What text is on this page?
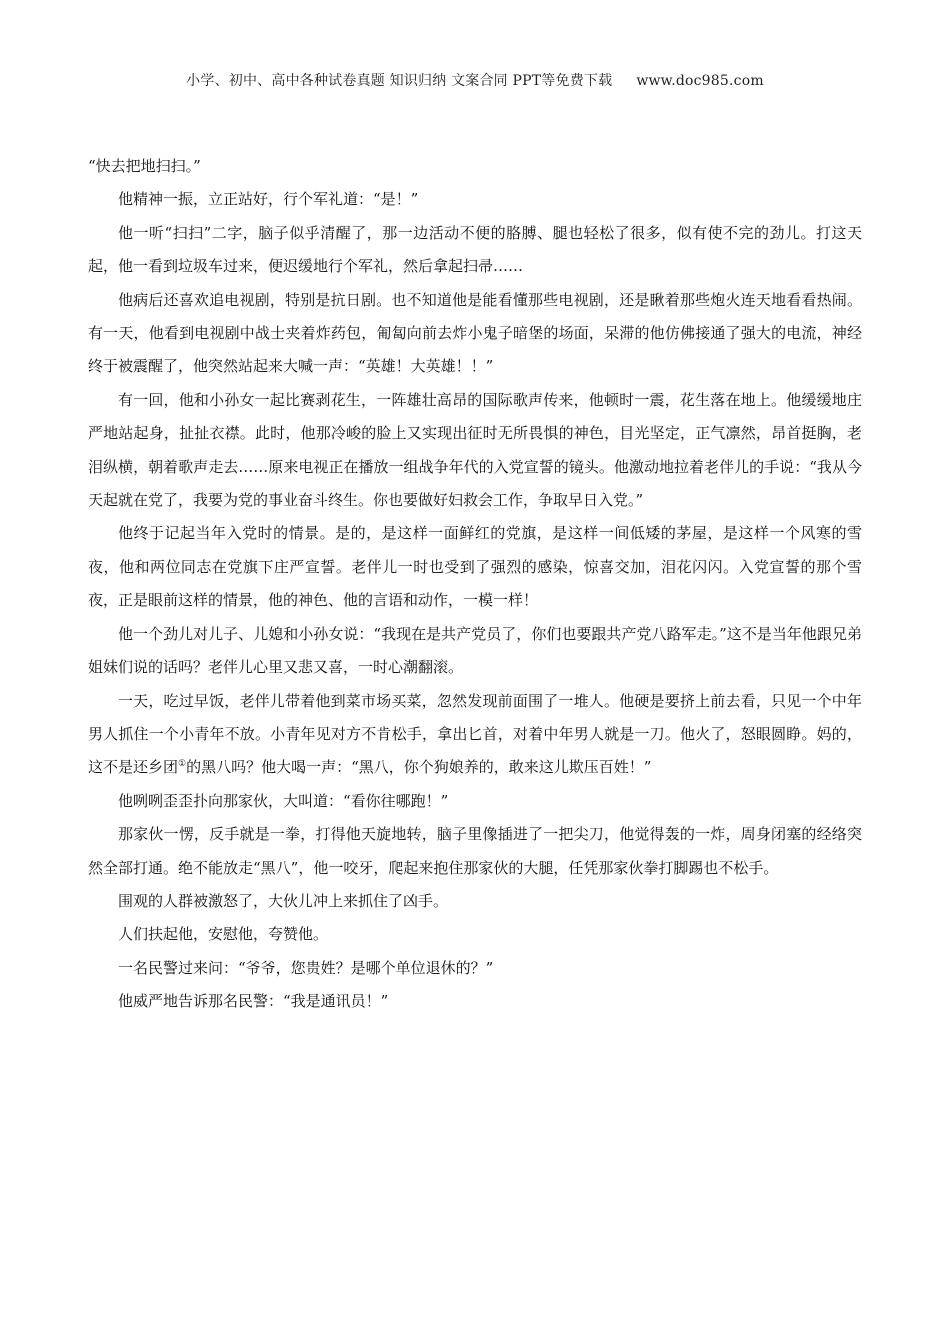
小学、初中、高中各种试卷真题 知识归纳 文案合同 PPT等免费下载 www.doc985.com

“快去把地扫扫。”

他精神一振，立正站好，行个军礼道：“是！”

他一听“扫扫”二字，脑子似乎清醒了，那一边活动不便的胳膊、腿也轻松了很多，似有使不完的劲儿。打这天起，他一看到垃圾车过来，便迟缓地行个军礼，然后拿起扫帚……

他病后还喜欢追电视剧，特别是抗日剧。也不知道他是能看懂那些电视剧，还是瞅着那些炮火连天地看看热闹。有一天，他看到电视剧中战士夹着炸药包，匍匐向前去炸小鬼子暗堡的场面，呆滞的他仿佛接通了强大的电流，神经终于被震醒了，他突然站起来大喊一声：“英雄！大英雄！！”

有一回，他和小孙女一起比赛剥花生，一阵雄壮高昂的国际歌声传来，他顿时一震，花生落在地上。他缓缓地庄严地站起身，扯扯衣襟。此时，他那冷峻的脸上又实现出征时无所畏惧的神色，目光坚定，正气凛然，昂首挺胸，老泪纵横，朝着歌声走去……原来电视正在播放一组战争年代的入党宣誓的镜头。他激动地拉着老伴儿的手说：“我从今天起就在党了，我要为党的事业奋斗终生。你也要做好妇救会工作，争取早日入党。”

他终于记起当年入党时的情景。是的，是这样一面鲜红的党旗，是这样一间低矮的茅屋，是这样一个风寒的雪夜，他和两位同志在党旗下庄严宣誓。老伴儿一时也受到了强烈的感染，惊喜交加，泪花闪闪。入党宣誓的那个雪夜，正是眼前这样的情景，他的神色、他的言语和动作，一模一样！

他一个劲儿对儿子、儿媳和小孙女说：“我现在是共产党员了，你们也要跟共产党八路军走。”这不是当年他跟兄弟姐妹们说的话吗？老伴儿心里又悲又喜，一时心潮翻滚。

一天，吃过早饭，老伴儿带着他到菜市场买菜，忽然发现前面围了一堆人。他硬是要挤上前去看，只见一个中年男人抓住一个小青年不放。小青年见对方不肯松手，拿出匕首，对着中年男人就是一刀。他火了，怒眼圆睁。妈的，这不是还乡团①的黑八吗？他大喝一声：“黑八，你个狗娘养的，敢来这儿欺压百姓！”

他咧咧歪歪扑向那家伙，大叫道：“看你往哪跑！”

那家伙一愣，反手就是一拳，打得他天旋地转，脑子里像插进了一把尖刀，他觉得轰的一炸，周身闭塞的经络突然全部打通。绝不能放走“黑八”，他一咬牙，爬起来抱住那家伙的大腿，任凭那家伙拳打脚踢也不松手。

围观的人群被激怒了，大伙儿冲上来抓住了凶手。

人们扶起他，安慰他，夸赞他。

一名民警过来问：“爷爷，您贵姓？是哪个单位退休的？”

他威严地告诉那名民警：“我是通讯员！”
